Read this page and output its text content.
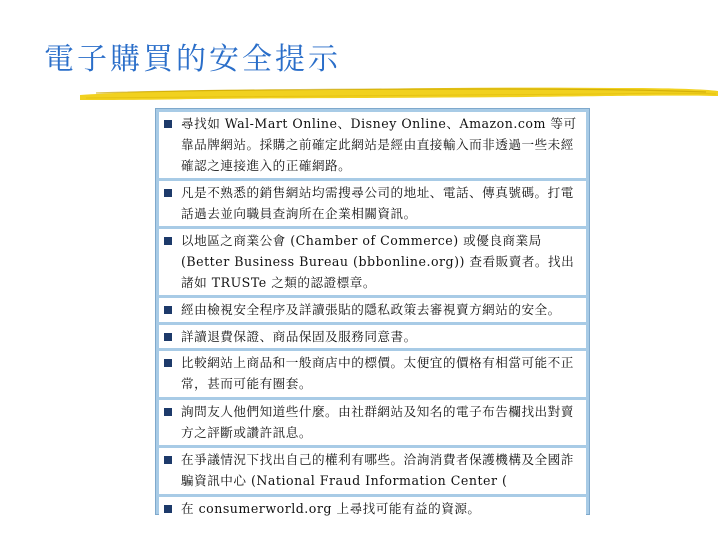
電子購買的安全提示
尋找如 Wal-Mart Online、Disney Online、Amazon.com 等可靠品牌網站。採購之前確定此網站是經由直接輸入而非透過一些未經確認之連接進入的正確網路。
凡是不熟悉的銷售網站均需搜尋公司的地址、電話、傳真號碼。打電話過去並向職員查詢所在企業相關資訊。
以地區之商業公會 (Chamber of Commerce) 或優良商業局 (Better Business Bureau (bbbonline.org)) 查看販賣者。找出諸如 TRUSTe 之類的認證標章。
經由檢視安全程序及詳讀張貼的隱私政策去審視賣方網站的安全。
詳讀退費保證、商品保固及服務同意書。
比較網站上商品和一般商店中的標價。太便宜的價格有相當可能不正常，甚而可能有圈套。
詢問友人他們知道些什麼。由社群網站及知名的電子布告欄找出對賣方之評斷或讚許訊息。
在爭議情況下找出自己的權利有哪些。洽詢消費者保護機構及全國詐騙資訊中心 (National Fraud Information Center (
在 consumerworld.org 上尋找可能有益的資源。
